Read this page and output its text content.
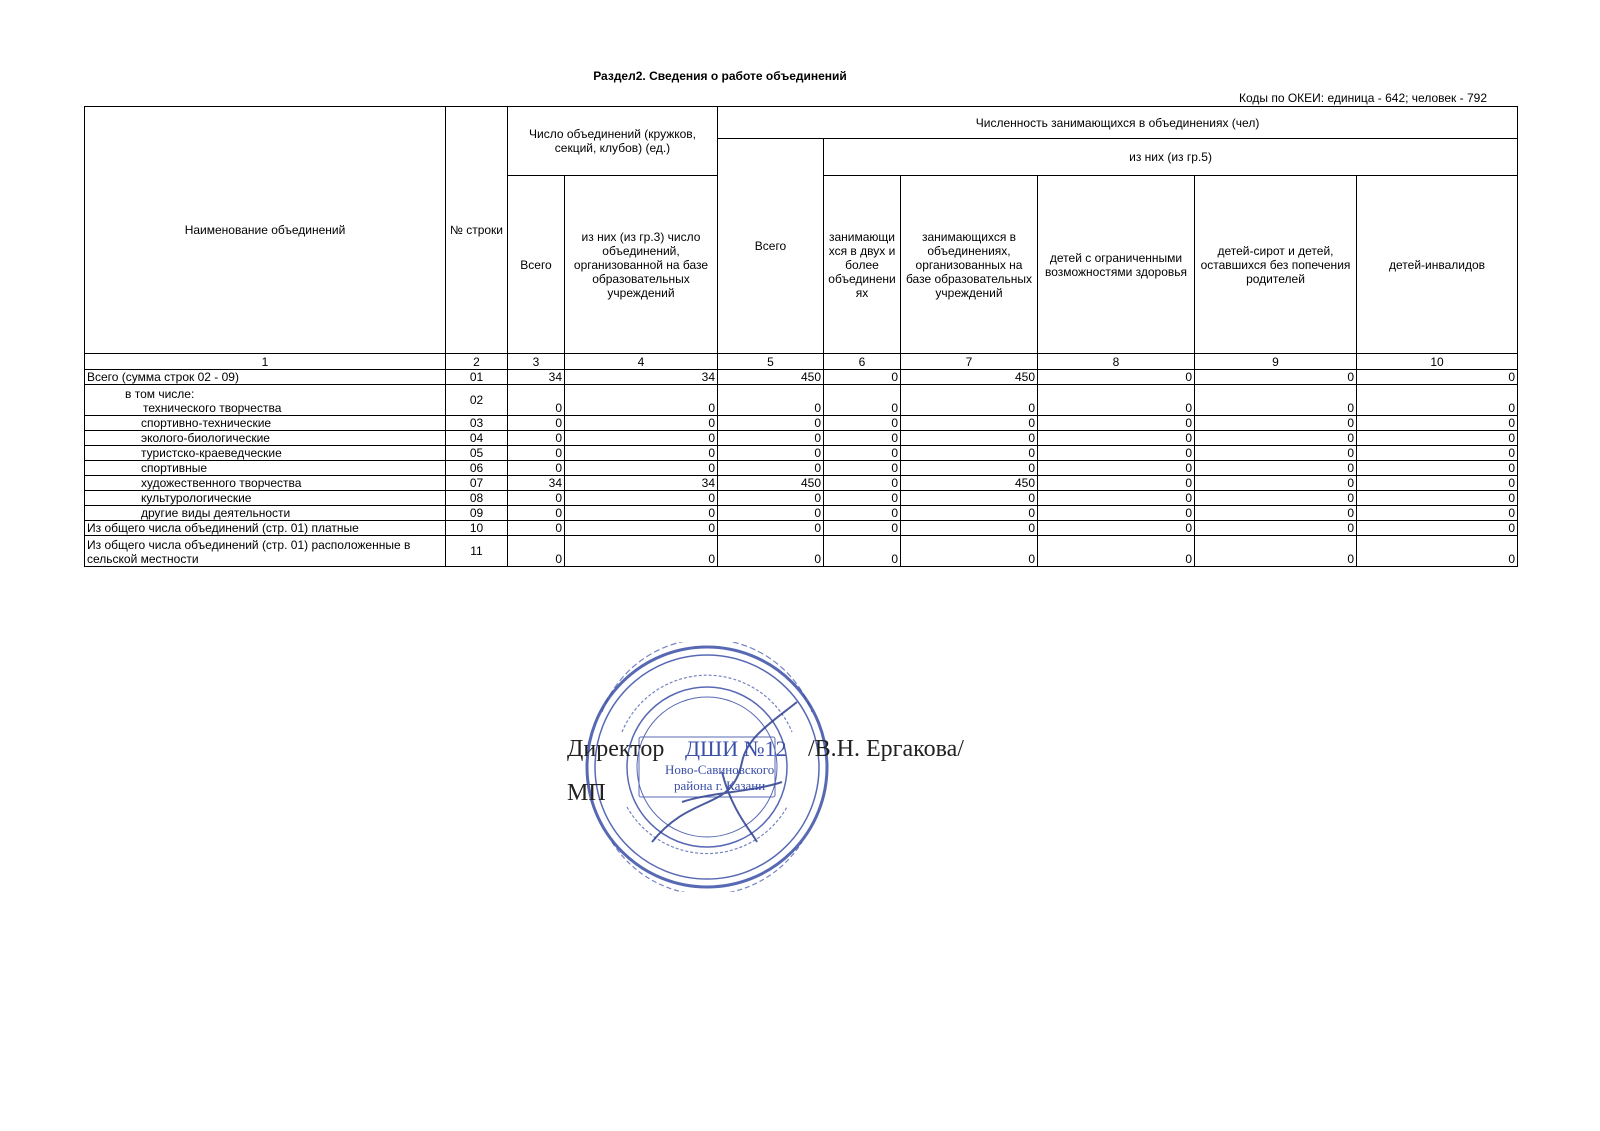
Раздел2. Сведения о работе объединений
Коды по ОКЕИ: единица - 642; человек - 792
Наименование объединений	№ строки	Число объединений (кружков, секций, клубов) (ед.)		Численность занимающихся в объединениях (чел)					
				Всего	из них (из гр.5)				
		Всего	из них (из гр.3) число объединений, организованной на базе образовательных учреждений		занимающи хся в двух и более объединени ях	занимающихся в объединениях, организованных на базе образовательных учреждений	детей с ограниченными возможностями здоровья	детей-сирот и детей, оставшихся без попечения родителей	детей-инвалидов

1	2	3	4	5	6	7	8	9	10
Всего (сумма строк 02 - 09)	01	34	34	450	0	450	0	0	0

в том числе:
технического творчества	02	0	0	0	0	0	0	0	0
спортивно-технические	03	0	0	0	0	0	0	0	0
эколого-биологические	04	0	0	0	0	0	0	0	0
туристско-краеведческие	05	0	0	0	0	0	0	0	0
спортивные	06	0	0	0	0	0	0	0	0
художественного творчества	07	34	34	450	0	450	0	0	0
культурологические	08	0	0	0	0	0	0	0	0
другие виды деятельности	09	0	0	0	0	0	0	0	0
Из общего числа объединений (стр. 01) платные	10	0	0	0	0	0	0	0	0

Из общего числа объединений (стр. 01) расположенные в
сельской местности	11	0	0	0	0	0	0	0	0
Директор	/В.Н. Ергакова/
МП
ДШИ №12
Ново-Савиновского
района г. Казани
